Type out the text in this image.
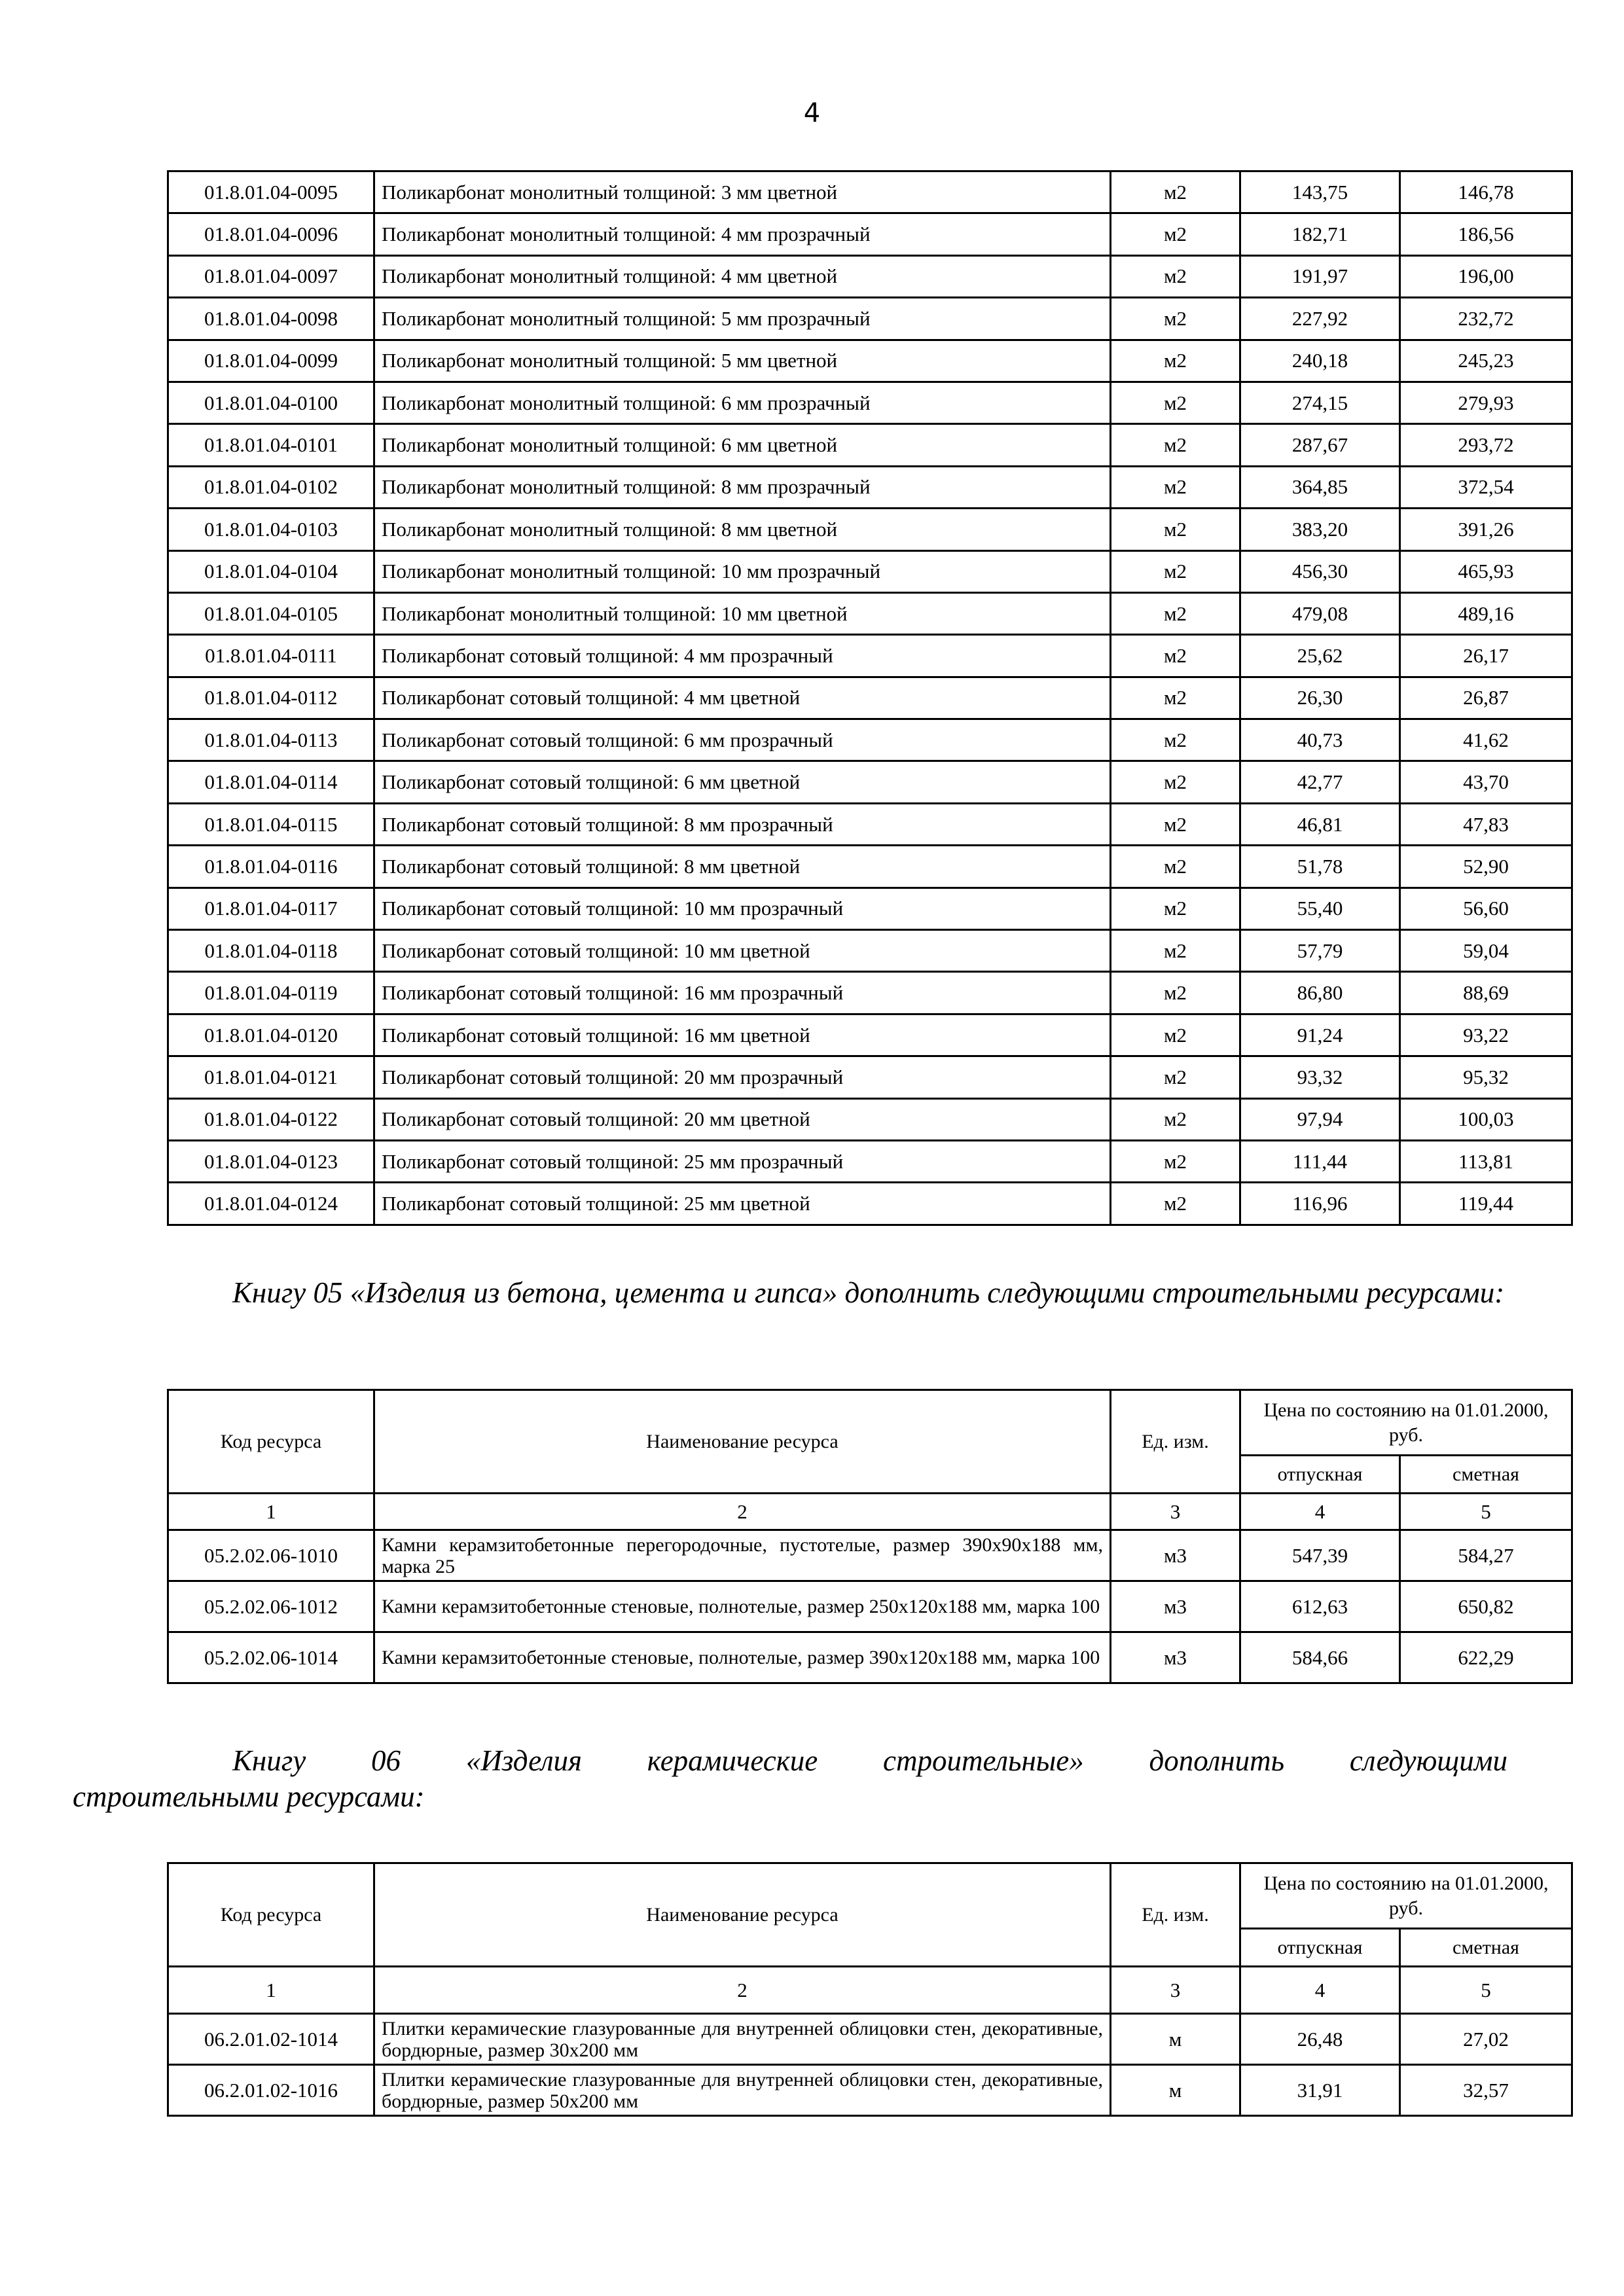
4
01.8.01.04-0095	Поликарбонат монолитный толщиной: 3 мм цветной	м2	143,75	146,78
01.8.01.04-0096	Поликарбонат монолитный толщиной: 4 мм прозрачный	м2	182,71	186,56
01.8.01.04-0097	Поликарбонат монолитный толщиной: 4 мм цветной	м2	191,97	196,00
01.8.01.04-0098	Поликарбонат монолитный толщиной: 5 мм прозрачный	м2	227,92	232,72
01.8.01.04-0099	Поликарбонат монолитный толщиной: 5 мм цветной	м2	240,18	245,23
01.8.01.04-0100	Поликарбонат монолитный толщиной: 6 мм прозрачный	м2	274,15	279,93
01.8.01.04-0101	Поликарбонат монолитный толщиной: 6 мм цветной	м2	287,67	293,72
01.8.01.04-0102	Поликарбонат монолитный толщиной: 8 мм прозрачный	м2	364,85	372,54
01.8.01.04-0103	Поликарбонат монолитный толщиной: 8 мм цветной	м2	383,20	391,26
01.8.01.04-0104	Поликарбонат монолитный толщиной: 10 мм прозрачный	м2	456,30	465,93
01.8.01.04-0105	Поликарбонат монолитный толщиной: 10 мм цветной	м2	479,08	489,16
01.8.01.04-0111	Поликарбонат сотовый толщиной: 4 мм прозрачный	м2	25,62	26,17
01.8.01.04-0112	Поликарбонат сотовый толщиной: 4 мм цветной	м2	26,30	26,87
01.8.01.04-0113	Поликарбонат сотовый толщиной: 6 мм прозрачный	м2	40,73	41,62
01.8.01.04-0114	Поликарбонат сотовый толщиной: 6 мм цветной	м2	42,77	43,70
01.8.01.04-0115	Поликарбонат сотовый толщиной: 8 мм прозрачный	м2	46,81	47,83
01.8.01.04-0116	Поликарбонат сотовый толщиной: 8 мм цветной	м2	51,78	52,90
01.8.01.04-0117	Поликарбонат сотовый толщиной: 10 мм прозрачный	м2	55,40	56,60
01.8.01.04-0118	Поликарбонат сотовый толщиной: 10 мм цветной	м2	57,79	59,04
01.8.01.04-0119	Поликарбонат сотовый толщиной: 16 мм прозрачный	м2	86,80	88,69
01.8.01.04-0120	Поликарбонат сотовый толщиной: 16 мм цветной	м2	91,24	93,22
01.8.01.04-0121	Поликарбонат сотовый толщиной: 20 мм прозрачный	м2	93,32	95,32
01.8.01.04-0122	Поликарбонат сотовый толщиной: 20 мм цветной	м2	97,94	100,03
01.8.01.04-0123	Поликарбонат сотовый толщиной: 25 мм прозрачный	м2	111,44	113,81
01.8.01.04-0124	Поликарбонат сотовый толщиной: 25 мм цветной	м2	116,96	119,44
Книгу 05 «Изделия из бетона, цемента и гипса» дополнить следующими строительными ресурсами:
Код ресурса	Наименование ресурса	Ед. изм.	Цена по состоянию на 01.01.2000, руб.	
			отпускная	сметная
1	2	3	4	5
05.2.02.06-1010	Камни керамзитобетонные перегородочные, пустотелые, размер 390х90х188 мм, марка 25	м3	547,39	584,27
05.2.02.06-1012	Камни керамзитобетонные стеновые, полнотелые, размер 250х120х188 мм, марка 100	м3	612,63	650,82
05.2.02.06-1014	Камни керамзитобетонные стеновые, полнотелые, размер 390х120х188 мм, марка 100	м3	584,66	622,29
Книгу 06 «Изделия керамические строительные» дополнить следующими
строительными ресурсами:
Код ресурса	Наименование ресурса	Ед. изм.	Цена по состоянию на 01.01.2000, руб.	
			отпускная	сметная
1	2	3	4	5
06.2.01.02-1014	Плитки керамические глазурованные для внутренней облицовки стен, декоративные, бордюрные, размер 30х200 мм	м	26,48	27,02
06.2.01.02-1016	Плитки керамические глазурованные для внутренней облицовки стен, декоративные, бордюрные, размер 50х200 мм	м	31,91	32,57
